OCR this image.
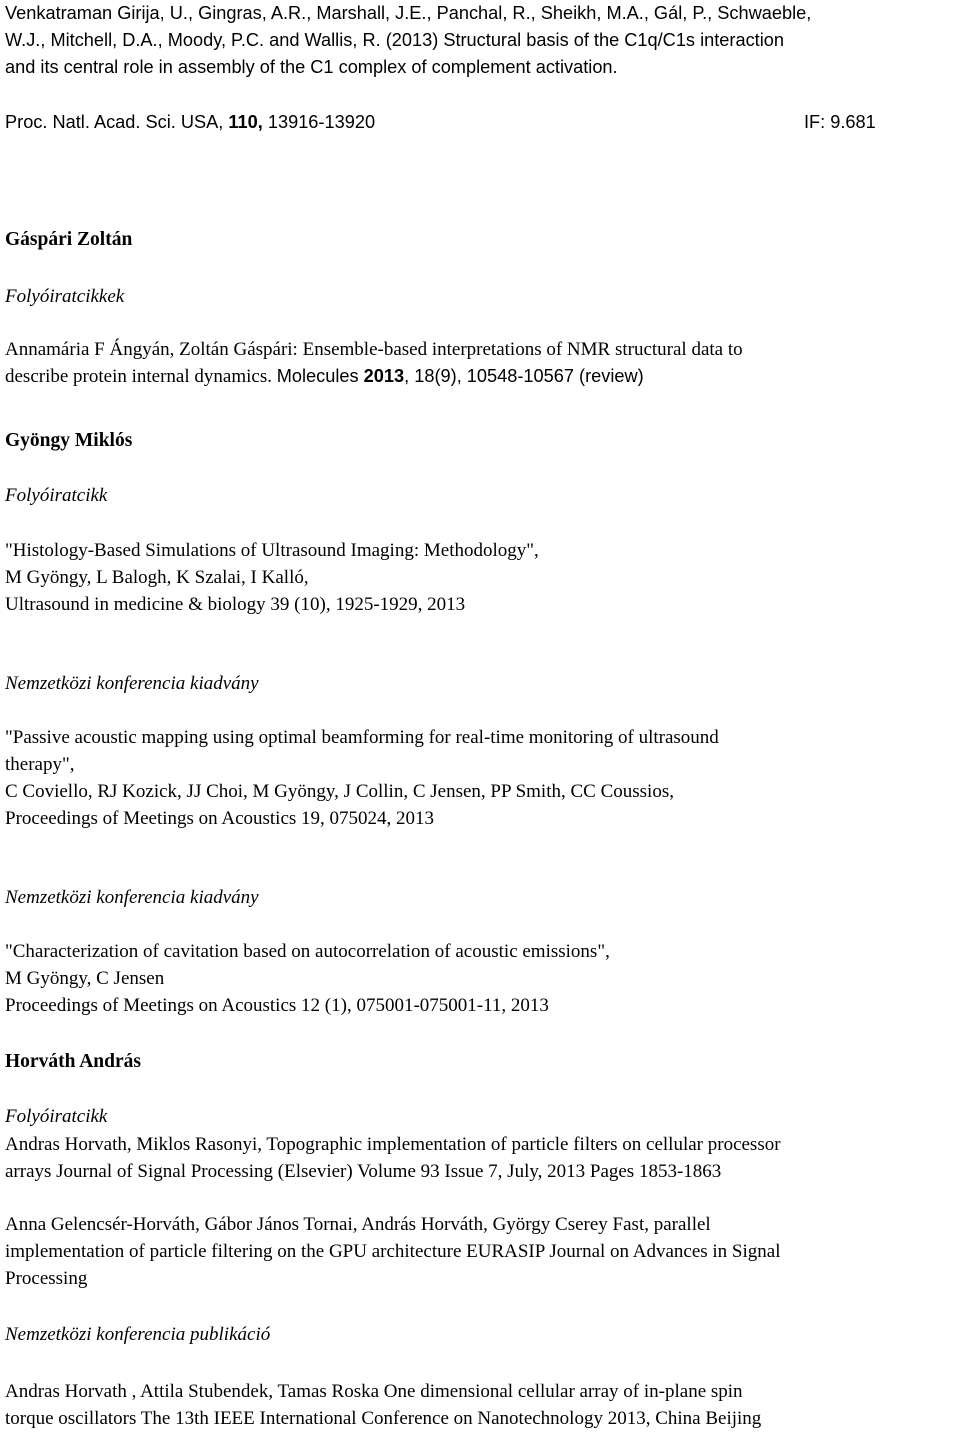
Venkatraman Girija, U., Gingras, A.R., Marshall, J.E., Panchal, R., Sheikh, M.A., Gál, P., Schwaeble,
W.J., Mitchell, D.A., Moody, P.C. and Wallis, R. (2013) Structural basis of the C1q/C1s interaction
and its central role in assembly of the C1 complex of complement activation.
Proc. Natl. Acad. Sci. USA, 110, 13916-13920	IF: 9.681
Gáspári Zoltán
Folyóiratcikkek
Annamária F Ángyán, Zoltán Gáspári: Ensemble-based interpretations of NMR structural data to
describe protein internal dynamics. Molecules 2013, 18(9), 10548-10567 (review)
Gyöngy Miklós
Folyóiratcikk
"Histology-Based Simulations of Ultrasound Imaging: Methodology",
M Gyöngy, L Balogh, K Szalai, I Kalló,
Ultrasound in medicine & biology 39 (10), 1925-1929, 2013
Nemzetközi konferencia kiadvány
"Passive acoustic mapping using optimal beamforming for real-time monitoring of ultrasound
therapy",
C Coviello, RJ Kozick, JJ Choi, M Gyöngy, J Collin, C Jensen, PP Smith, CC Coussios,
Proceedings of Meetings on Acoustics 19, 075024, 2013
Nemzetközi konferencia kiadvány
"Characterization of cavitation based on autocorrelation of acoustic emissions",
M Gyöngy, C Jensen
Proceedings of Meetings on Acoustics 12 (1), 075001-075001-11, 2013
Horváth András
Folyóiratcikk
Andras Horvath, Miklos Rasonyi, Topographic implementation of particle filters on cellular processor
arrays Journal of Signal Processing (Elsevier) Volume 93 Issue 7, July, 2013 Pages 1853-1863
Anna Gelencsér-Horváth, Gábor János Tornai, András Horváth, György Cserey Fast, parallel
implementation of particle filtering on the GPU architecture EURASIP Journal on Advances in Signal
Processing
Nemzetközi konferencia publikáció
Andras Horvath , Attila Stubendek, Tamas Roska One dimensional cellular array of in-plane spin
torque oscillators The 13th IEEE International Conference on Nanotechnology 2013, China Beijing
